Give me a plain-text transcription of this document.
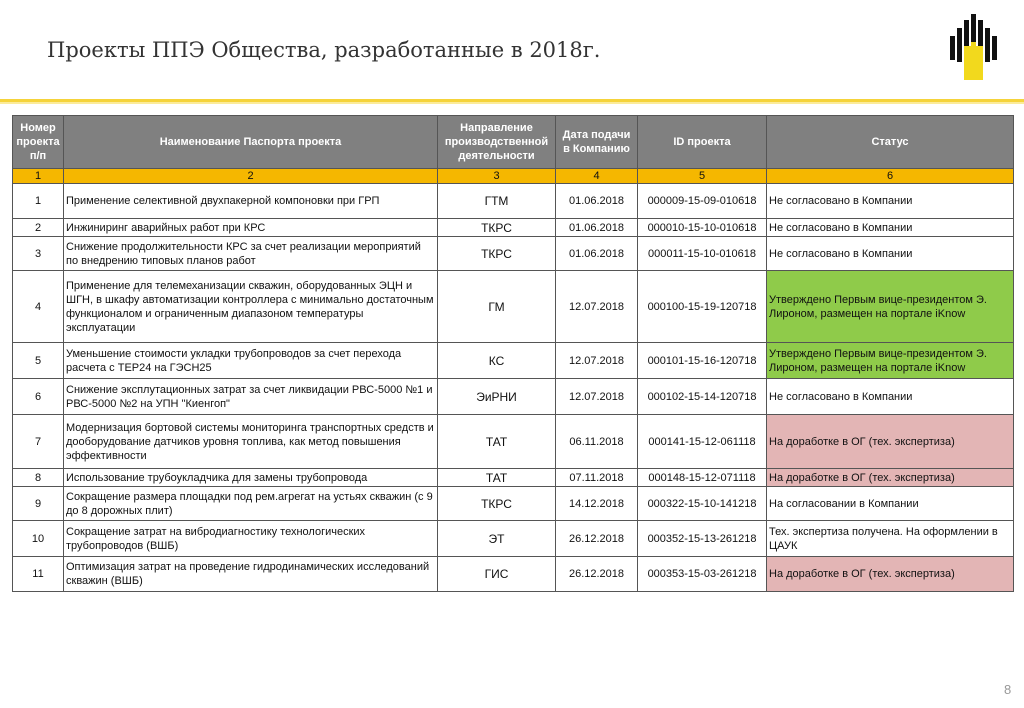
Проекты ППЭ Общества, разработанные в 2018г.
Номер проекта п/п	Наименование Паспорта проекта	Направление производственной деятельности	Дата подачи в Компанию	ID проекта	Статус
1	2	3	4	5	6
1	Применение селективной двухпакерной компоновки при ГРП	ГТМ	01.06.2018	000009-15-09-010618	Не согласовано в Компании
2	Инжиниринг аварийных работ при КРС	ТКРС	01.06.2018	000010-15-10-010618	Не согласовано в Компании
3	Снижение продолжительности КРС за счет реализации мероприятий по внедрению типовых планов работ	ТКРС	01.06.2018	000011-15-10-010618	Не согласовано в Компании
4	Применение для телемеханизации скважин, оборудованных ЭЦН и ШГН, в шкафу автоматизации контроллера с минимально достаточным функционалом и ограниченным диапазоном температуры эксплуатации	ГМ	12.07.2018	000100-15-19-120718	Утверждено Первым вице-президентом Э. Лироном, размещен на портале iKnow
5	Уменьшение стоимости укладки трубопроводов за счет перехода расчета с ТЕР24 на ГЭСН25	КС	12.07.2018	000101-15-16-120718	Утверждено Первым вице-президентом Э. Лироном, размещен на портале iKnow
6	Снижение эксплутационных затрат за счет ликвидации РВС-5000 №1 и РВС-5000 №2 на УПН "Киенгоп"	ЭиРНИ	12.07.2018	000102-15-14-120718	Не согласовано в Компании
7	Модернизация бортовой системы мониторинга транспортных средств и дооборудование датчиков уровня топлива, как метод повышения эффективности	ТАТ	06.11.2018	000141-15-12-061118	На доработке в ОГ (тех. экспертиза)
8	Использование трубоукладчика для замены трубопровода	ТАТ	07.11.2018	000148-15-12-071118	На доработке в ОГ (тех. экспертиза)
9	Сокращение размера площадки под рем.агрегат на устьях скважин (с 9 до 8 дорожных плит)	ТКРС	14.12.2018	000322-15-10-141218	На согласовании в Компании
10	Сокращение затрат на вибродиагностику технологических трубопроводов (ВШБ)	ЭТ	26.12.2018	000352-15-13-261218	Тех. экспертиза получена. На оформлении в ЦАУК
11	Оптимизация затрат на проведение гидродинамических исследований скважин (ВШБ)	ГИС	26.12.2018	000353-15-03-261218	На доработке в ОГ (тех. экспертиза)
8
